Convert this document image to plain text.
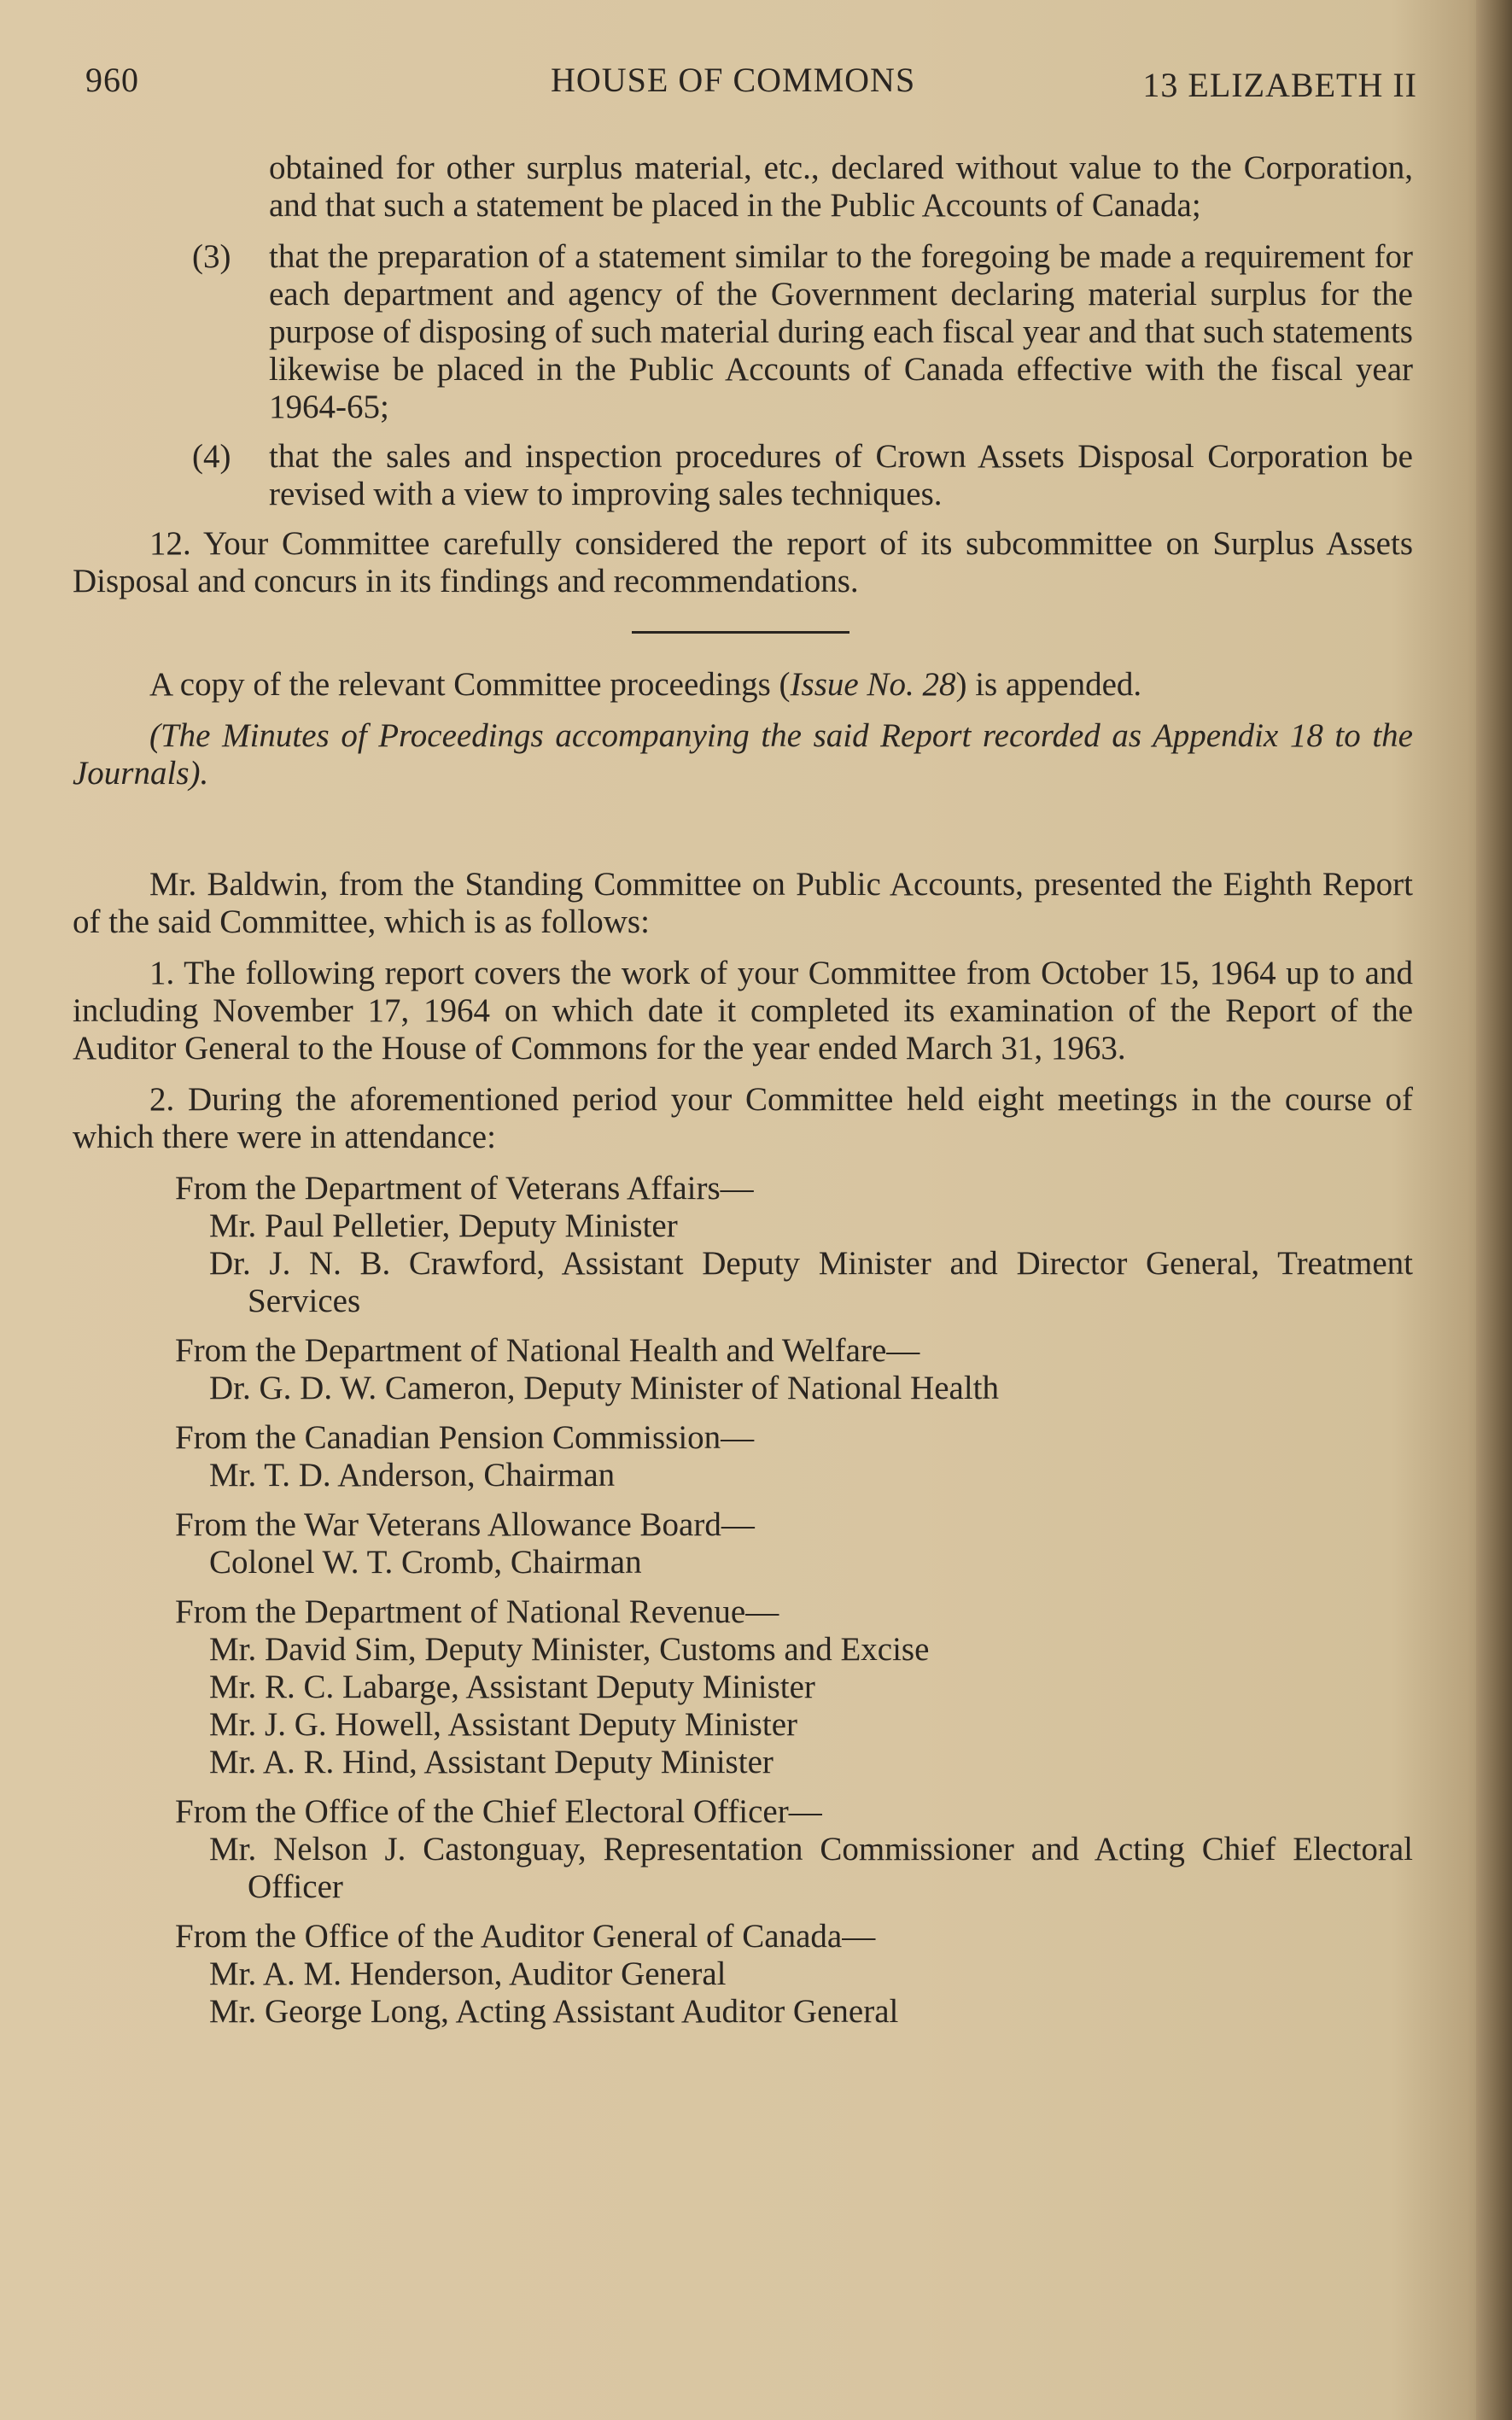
960	HOUSE OF COMMONS	13 ELIZABETH II

obtained for other surplus material, etc., declared without value to the Corporation, and that such a statement be placed in the Public Accounts of Canada;

(3) that the preparation of a statement similar to the foregoing be made a requirement for each department and agency of the Government declaring material surplus for the purpose of disposing of such material during each fiscal year and that such statements likewise be placed in the Public Accounts of Canada effective with the fiscal year 1964-65;

(4) that the sales and inspection procedures of Crown Assets Disposal Corporation be revised with a view to improving sales techniques.

12. Your Committee carefully considered the report of its subcommittee on Surplus Assets Disposal and concurs in its findings and recommendations.

A copy of the relevant Committee proceedings (Issue No. 28) is appended.

(The Minutes of Proceedings accompanying the said Report recorded as Appendix 18 to the Journals).

Mr. Baldwin, from the Standing Committee on Public Accounts, presented the Eighth Report of the said Committee, which is as follows:

1. The following report covers the work of your Committee from October 15, 1964 up to and including November 17, 1964 on which date it completed its examination of the Report of the Auditor General to the House of Commons for the year ended March 31, 1963.

2. During the aforementioned period your Committee held eight meetings in the course of which there were in attendance:

From the Department of Veterans Affairs—

Mr. Paul Pelletier, Deputy Minister

Dr. J. N. B. Crawford, Assistant Deputy Minister and Director General, Treatment Services

From the Department of National Health and Welfare—

Dr. G. D. W. Cameron, Deputy Minister of National Health

From the Canadian Pension Commission—

Mr. T. D. Anderson, Chairman

From the War Veterans Allowance Board—

Colonel W. T. Cromb, Chairman

From the Department of National Revenue—

Mr. David Sim, Deputy Minister, Customs and Excise

Mr. R. C. Labarge, Assistant Deputy Minister

Mr. J. G. Howell, Assistant Deputy Minister

Mr. A. R. Hind, Assistant Deputy Minister

From the Office of the Chief Electoral Officer—

Mr. Nelson J. Castonguay, Representation Commissioner and Acting Chief Electoral Officer

From the Office of the Auditor General of Canada—

Mr. A. M. Henderson, Auditor General

Mr. George Long, Acting Assistant Auditor General
